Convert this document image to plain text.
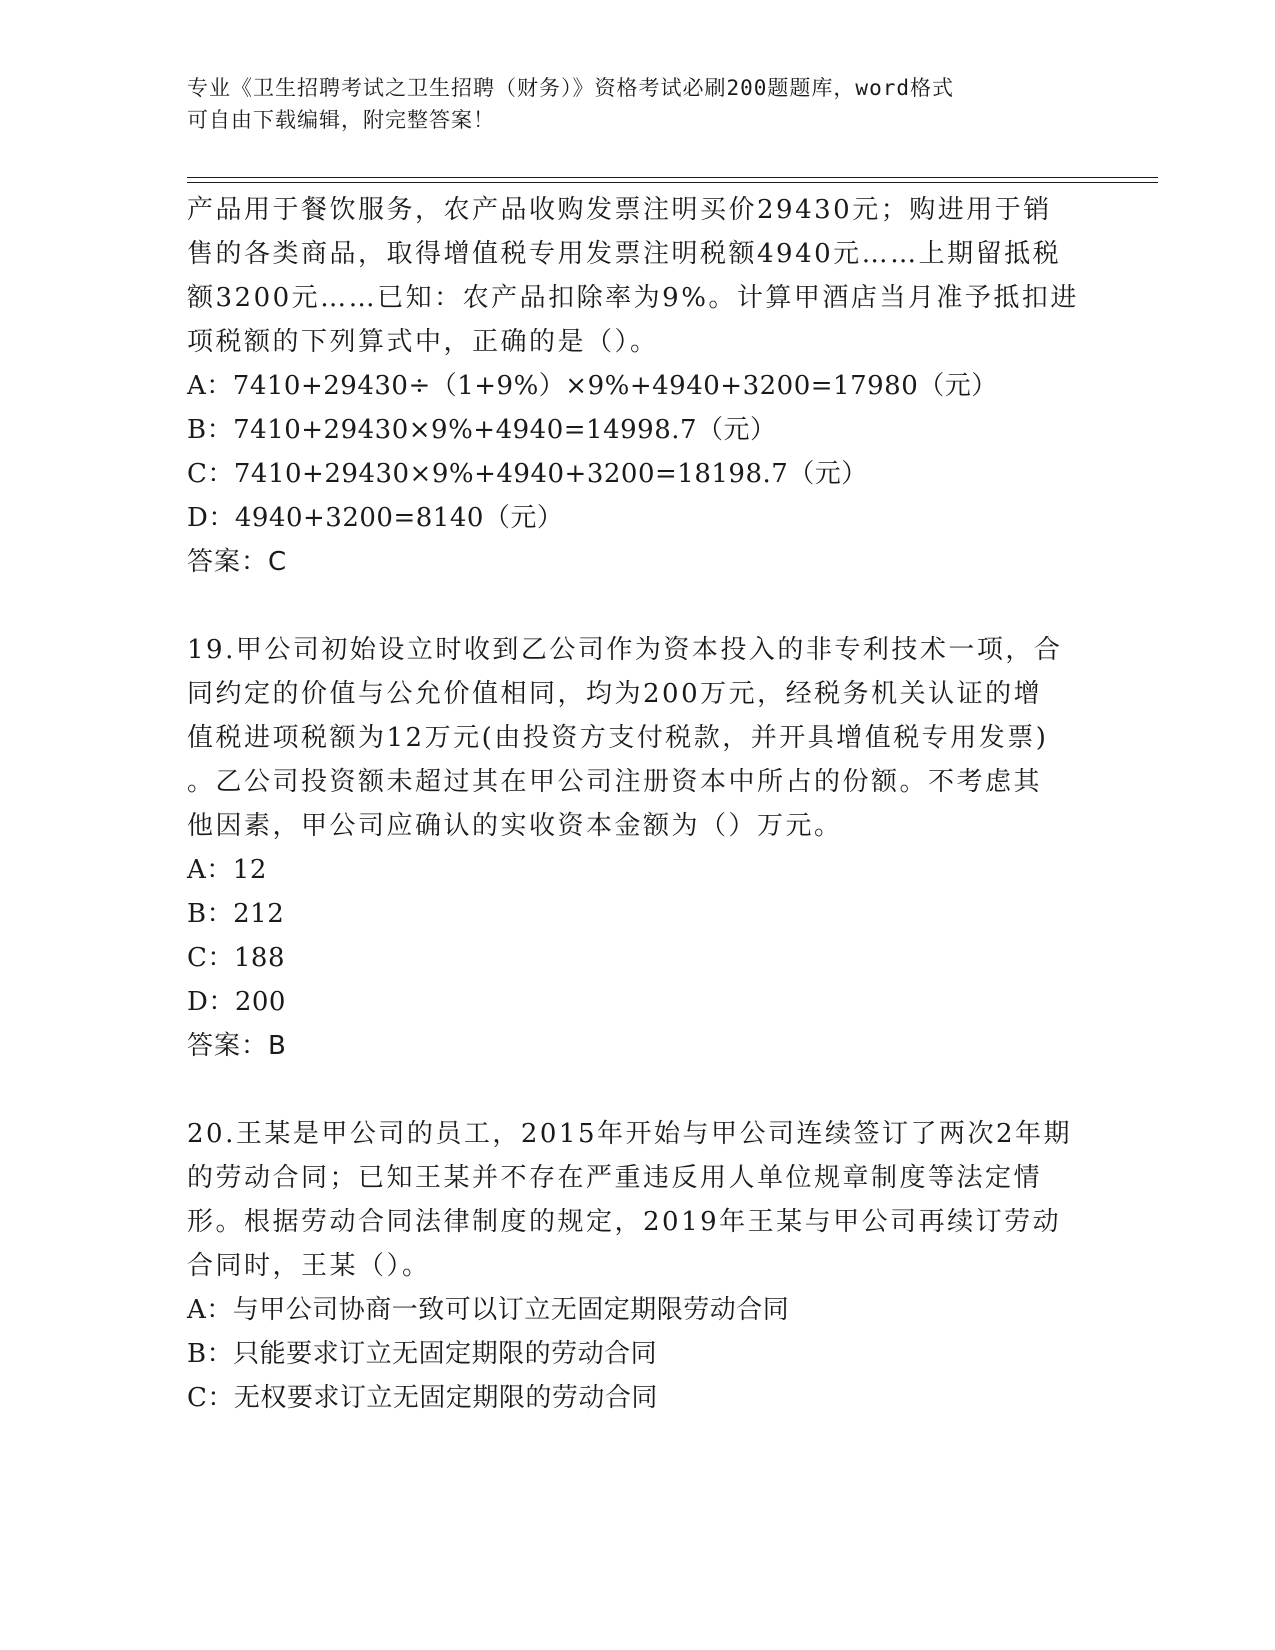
专业《卫生招聘考试之卫生招聘（财务）》资格考试必刷200题题库，word格式
可自由下载编辑，附完整答案！
产品用于餐饮服务，农产品收购发票注明买价29430元；购进用于销
售的各类商品，取得增值税专用发票注明税额4940元……上期留抵税
额3200元……已知：农产品扣除率为9%。计算甲酒店当月准予抵扣进
项税额的下列算式中，正确的是（）。
A：7410+29430÷（1+9%）×9%+4940+3200=17980（元）
B：7410+29430×9%+4940=14998.7（元）
C：7410+29430×9%+4940+3200=18198.7（元）
D：4940+3200=8140（元）
答案：C
19.甲公司初始设立时收到乙公司作为资本投入的非专利技术一项，合
同约定的价值与公允价值相同，均为200万元，经税务机关认证的增
值税进项税额为12万元(由投资方支付税款，并开具增值税专用发票)
。乙公司投资额未超过其在甲公司注册资本中所占的份额。不考虑其
他因素，甲公司应确认的实收资本金额为（）万元。
A：12
B：212
C：188
D：200
答案：B
20.王某是甲公司的员工，2015年开始与甲公司连续签订了两次2年期
的劳动合同；已知王某并不存在严重违反用人单位规章制度等法定情
形。根据劳动合同法律制度的规定，2019年王某与甲公司再续订劳动
合同时，王某（）。
A：与甲公司协商一致可以订立无固定期限劳动合同
B：只能要求订立无固定期限的劳动合同
C：无权要求订立无固定期限的劳动合同
